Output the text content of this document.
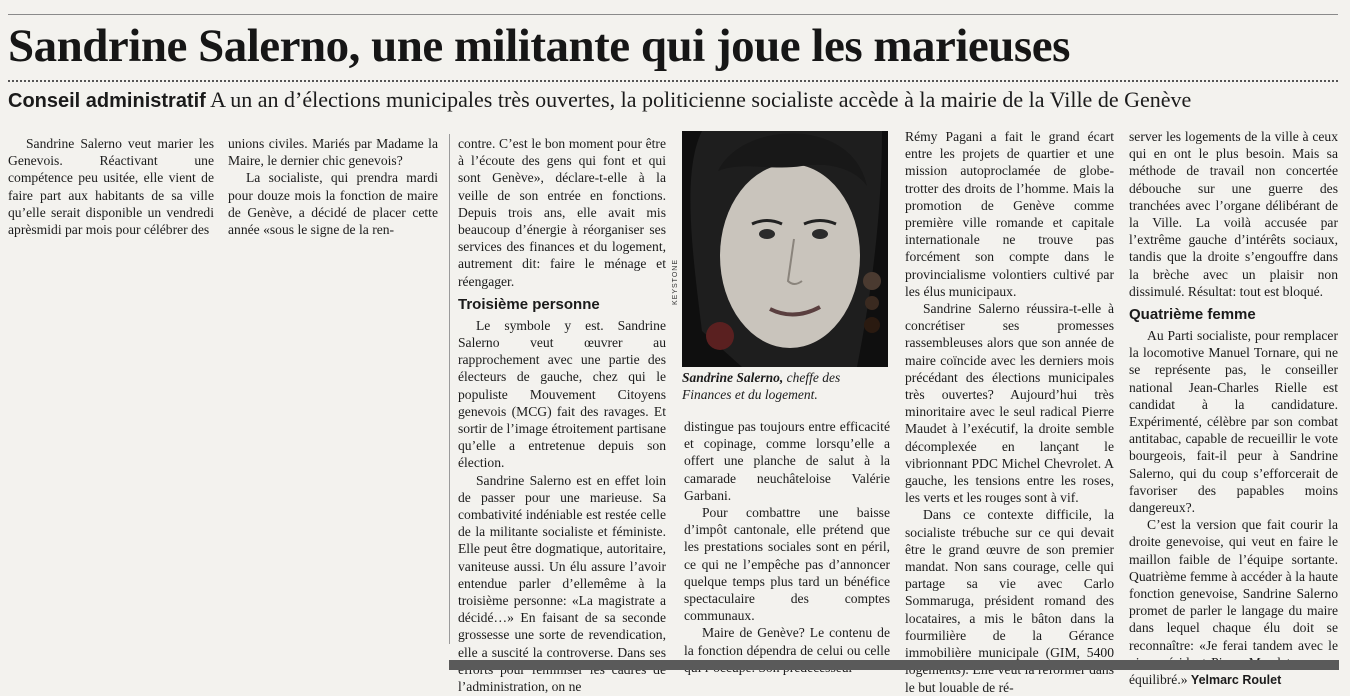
Sandrine Salerno, une militante qui joue les marieuses
Conseil administratif A un an d’élections municipales très ouvertes, la politicienne socialiste accède à la mairie de la Ville de Genève

Sandrine Salerno veut marier les Genevois. Réactivant une compétence peu usitée, elle vient de faire part aux habitants de sa ville qu’elle serait disponible un vendredi aprèsmidi par mois pour célébrer des

unions civiles. Mariés par Madame la Maire, le dernier chic genevois?

La socialiste, qui prendra mardi pour douze mois la fonction de maire de Genève, a décidé de placer cette année «sous le signe de la ren-

contre. C’est le bon moment pour être à l’écoute des gens qui font et qui sont Genève», déclare-t-elle à la veille de son entrée en fonctions. Depuis trois ans, elle avait mis beaucoup d’énergie à réorganiser ses services des finances et du logement, autrement dit: faire le ménage et réengager.

Troisième personne

Le symbole y est. Sandrine Salerno veut œuvrer au rapprochement avec une partie des électeurs de gauche, chez qui le populiste Mouvement Citoyens genevois (MCG) fait des ravages. Et sortir de l’image étroitement partisane qu’elle a entretenue depuis son élection.

Sandrine Salerno est en effet loin de passer pour une marieuse. Sa combativité indéniable est restée celle de la militante socialiste et féministe. Elle peut être dogmatique, autoritaire, vaniteuse aussi. Un élu assure l’avoir entendue parler d’ellemême à la troisième personne: «La magistrate a décidé…» En faisant de sa seconde grossesse une sorte de revendication, elle a suscité la controverse. Dans ses l’administration, on ne

KEYSTONE
Sandrine Salerno, cheffe des Finances et du logement.

distingue pas toujours entre efficacité et copinage, comme lorsqu’elle a offert une planche de salut à la camarade neuchâteloise Valérie Garbani.

Pour combattre une baisse d’impôt cantonale, elle prétend que les prestations sociales sont en péril, ce qui ne l’empêche pas d’annoncer quelque temps plus tard un bénéfice spectaculaire des comptes communaux.

Maire de Genève? Le contenu de la fonction dépendra de celui ou celle

Rémy Pagani a fait le grand écart entre les projets de quartier et une mission autoproclamée de globe-trotter des droits de l’homme. Mais la promotion de Genève comme première ville romande et capitale internationale ne trouve pas forcément son compte dans le provincialisme volontiers cultivé par les élus municipaux.

Sandrine Salerno réussira-t-elle à concrétiser ses promesses rassembleuses alors que son année de maire coïncide avec les derniers mois précédant des élections municipales très ouvertes? Aujourd’hui très minoritaire avec le seul radical Pierre Maudet à l’exécutif, la droite semble décomplexée en lançant le vibrionnant PDC Michel Chevrolet. A gauche, les tensions entre les roses, les verts et les rouges sont à vif.

Dans ce contexte difficile, la socialiste trébuche sur ce qui devait être le grand œuvre de son premier mandat. Non sans courage, celle qui partage sa vie avec Carlo Sommaruga, président romand des locataires, a mis le bâton dans la fourmilière de la Gérance immobilière municipale (GIM, 5400 le but louable de ré-

server les logements de la ville à ceux qui en ont le plus besoin. Mais sa méthode de travail non concertée débouche sur une guerre des tranchées avec l’organe délibérant de la Ville. La voilà accusée par l’extrême gauche d’intérêts sociaux, tandis que la droite s’engouffre dans la brèche avec un plaisir non dissimulé. Résultat: tout est bloqué.

Quatrième femme

Au Parti socialiste, pour remplacer la locomotive Manuel Tornare, qui ne se représente pas, le conseiller national Jean-Charles Rielle est candidat à la candidature. Expérimenté, célèbre par son combat antitabac, capable de recueillir le vote bourgeois, fait-il peur à Sandrine Salerno, qui du coup s’efforcerait de favoriser des papables moins dangereux?.

C’est la version que fait courir la droite genevoise, qui veut en faire le maillon faible de l’équipe sortante. Quatrième femme à accéder à la haute fonction genevoise, Sandrine Salerno promet de parler le langage du maire dans lequel chaque élu doit se reconnaître: «Je ferai tandem avec le équilibré.» Yelmarc Roulet
